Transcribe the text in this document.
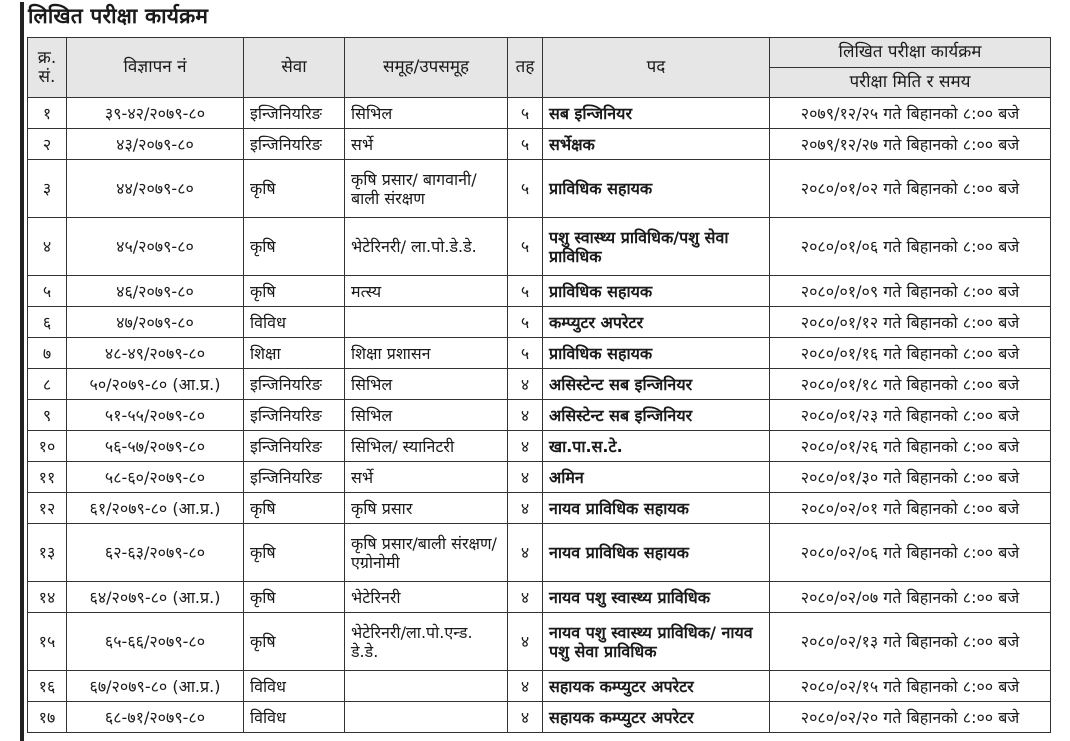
लिखित परीक्षा कार्यक्रम
क्र. सं.	विज्ञापन नं	सेवा	समूह/उपसमूह	तह	पद	लिखित परीक्षा कार्यक्रम
						परीक्षा मिति र समय
१	३९-४२/२०७९-८०	इन्जिनियरिङ	सिभिल	५	सब इन्जिनियर	२०७९/१२/२५ गते बिहानको ८:०० बजे
२	४३/२०७९-८०	इन्जिनियरिङ	सर्भे	५	सर्भेक्षक	२०७९/१२/२७ गते बिहानको ८:०० बजे
३	४४/२०७९-८०	कृषि	कृषि प्रसार/ बागवानी/ बाली संरक्षण	५	प्राविधिक सहायक	२०८०/०१/०२ गते बिहानको ८:०० बजे
४	४५/२०७९-८०	कृषि	भेटेरिनरी/ ला.पो.डे.डे.	५	पशु स्वास्थ्य प्राविधिक/पशु सेवा प्राविधिक	२०८०/०१/०६ गते बिहानको ८:०० बजे
५	४६/२०७९-८०	कृषि	मत्स्य	५	प्राविधिक सहायक	२०८०/०१/०९ गते बिहानको ८:०० बजे
६	४७/२०७९-८०	विविध		५	कम्प्युटर अपरेटर	२०८०/०१/१२ गते बिहानको ८:०० बजे
७	४८-४९/२०७९-८०	शिक्षा	शिक्षा प्रशासन	५	प्राविधिक सहायक	२०८०/०१/१६ गते बिहानको ८:०० बजे
८	५०/२०७९-८० (आ.प्र.)	इन्जिनियरिङ	सिभिल	४	असिस्टेन्ट सब इन्जिनियर	२०८०/०१/१८ गते बिहानको ८:०० बजे
९	५१-५५/२०७९-८०	इन्जिनियरिङ	सिभिल	४	असिस्टेन्ट सब इन्जिनियर	२०८०/०१/२३ गते बिहानको ८:०० बजे
१०	५६-५७/२०७९-८०	इन्जिनियरिङ	सिभिल/ स्यानिटरी	४	खा.पा.स.टे.	२०८०/०१/२६ गते बिहानको ८:०० बजे
११	५८-६०/२०७९-८०	इन्जिनियरिङ	सर्भे	४	अमिन	२०८०/०१/३० गते बिहानको ८:०० बजे
१२	६१/२०७९-८० (आ.प्र.)	कृषि	कृषि प्रसार	४	नायव प्राविधिक सहायक	२०८०/०२/०१ गते बिहानको ८:०० बजे
१३	६२-६३/२०७९-८०	कृषि	कृषि प्रसार/बाली संरक्षण/एग्रोनोमी	४	नायव प्राविधिक सहायक	२०८०/०२/०६ गते बिहानको ८:०० बजे
१४	६४/२०७९-८० (आ.प्र.)	कृषि	भेटेरिनरी	४	नायव पशु स्वास्थ्य प्राविधिक	२०८०/०२/०७ गते बिहानको ८:०० बजे
१५	६५-६६/२०७९-८०	कृषि	भेटेरिनरी/ला.पो.एन्ड. डे.डे.	४	नायव पशु स्वास्थ्य प्राविधिक/ नायव पशु सेवा प्राविधिक	२०८०/०२/१३ गते बिहानको ८:०० बजे
१६	६७/२०७९-८० (आ.प्र.)	विविध		४	सहायक कम्प्युटर अपरेटर	२०८०/०२/१५ गते बिहानको ८:०० बजे
१७	६८-७१/२०७९-८०	विविध		४	सहायक कम्प्युटर अपरेटर	२०८०/०२/२० गते बिहानको ८:०० बजे
